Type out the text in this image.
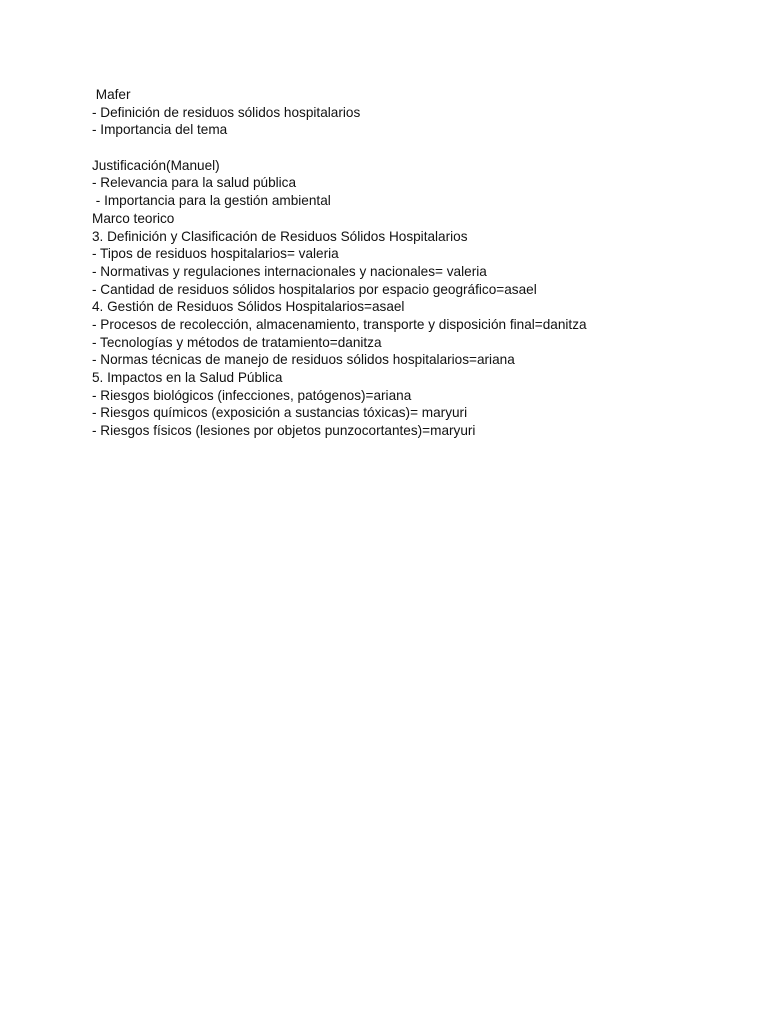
Mafer
- Definición de residuos sólidos hospitalarios
- Importancia del tema
Justificación(Manuel)
- Relevancia para la salud pública
- Importancia para la gestión ambiental
Marco teorico
3. Definición y Clasificación de Residuos Sólidos Hospitalarios
- Tipos de residuos hospitalarios= valeria
- Normativas y regulaciones internacionales y nacionales= valeria
- Cantidad de residuos sólidos hospitalarios por espacio geográfico=asael
4. Gestión de Residuos Sólidos Hospitalarios=asael
- Procesos de recolección, almacenamiento, transporte y disposición final=danitza
- Tecnologías y métodos de tratamiento=danitza
- Normas técnicas de manejo de residuos sólidos hospitalarios=ariana
5. Impactos en la Salud Pública
- Riesgos biológicos (infecciones, patógenos)=ariana
- Riesgos químicos (exposición a sustancias tóxicas)= maryuri
- Riesgos físicos (lesiones por objetos punzocortantes)=maryuri
